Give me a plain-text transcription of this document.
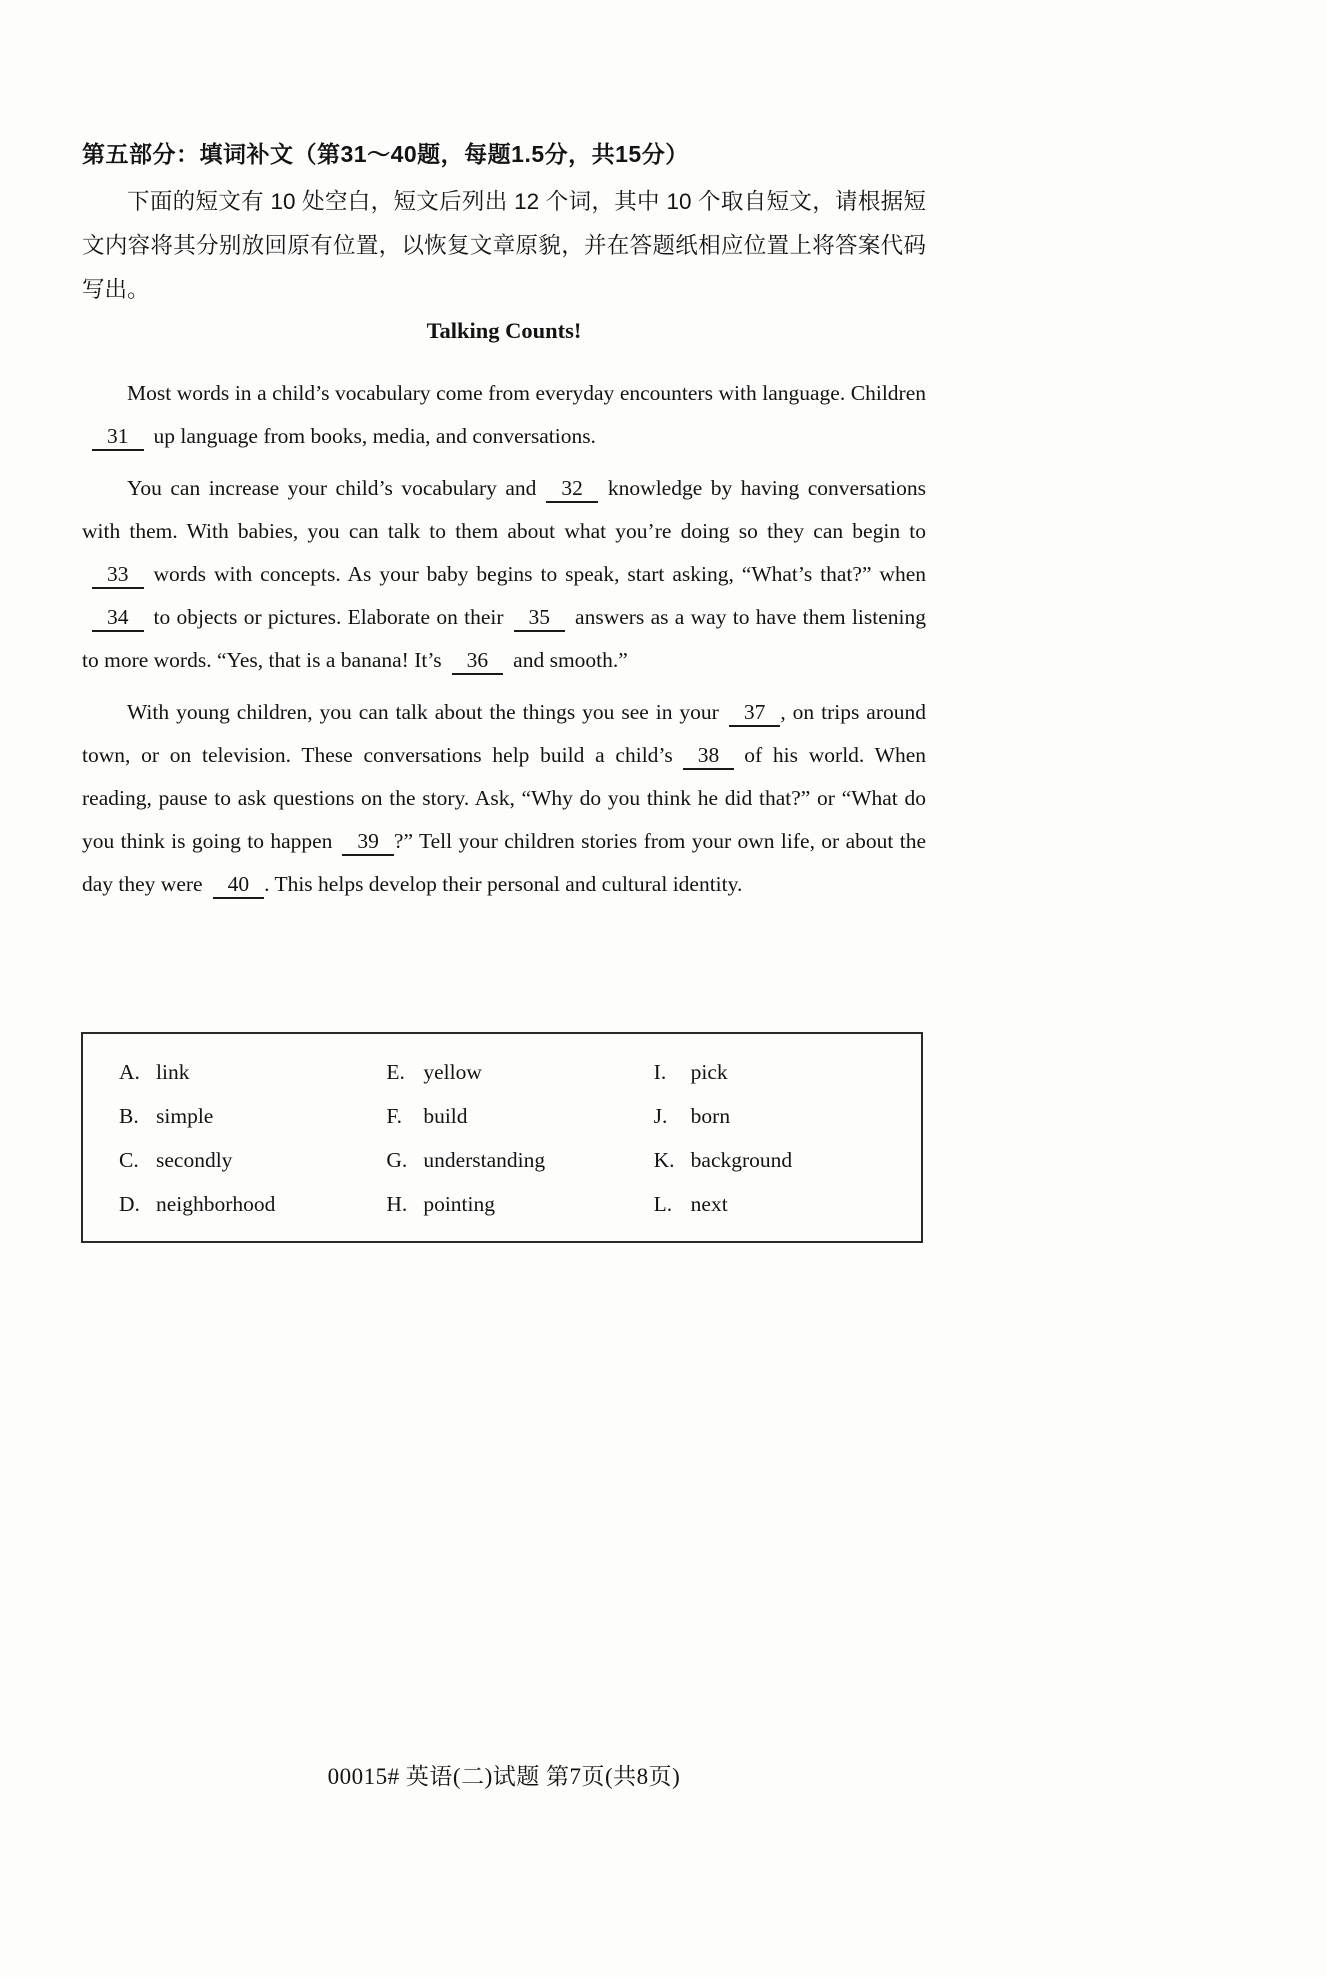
第五部分：填词补文（第31～40题，每题1.5分，共15分）
下面的短文有 10 处空白，短文后列出 12 个词，其中 10 个取自短文，请根据短文内容将其分别放回原有位置，以恢复文章原貌，并在答题纸相应位置上将答案代码写出。
Talking Counts!

Most words in a child’s vocabulary come from everyday encounters with language. Children31 up language from books, media, and conversations.

You can increase your child’s vocabulary and 32 knowledge by having conversations with them. With babies, you can talk to them about what you’re doing so they can begin to33 words with concepts. As your baby begins to speak, start asking, “What’s that?” when34 to objects or pictures. Elaborate on their 35 answers as a way to have them listening to more words. “Yes, that is a banana! It’s 36 and smooth.”

With young children, you can talk about the things you see in your 37 , on trips around town, or on television. These conversations help build a child’s 38 of his world. When reading, pause to ask questions on the story. Ask, “Why do you think he did that?” or “What do you think is going to happen 39 ?” Tell your children stories from your own life, or about the day they were 40 . This helps develop their personal and cultural identity.

A. link
B. simple
C. secondly
D. neighborhood
E. yellow
F. build
G. understanding
H. pointing
I. pick
J. born
K. background
L. next
00015# 英语(二)试题 第7页(共8页)
